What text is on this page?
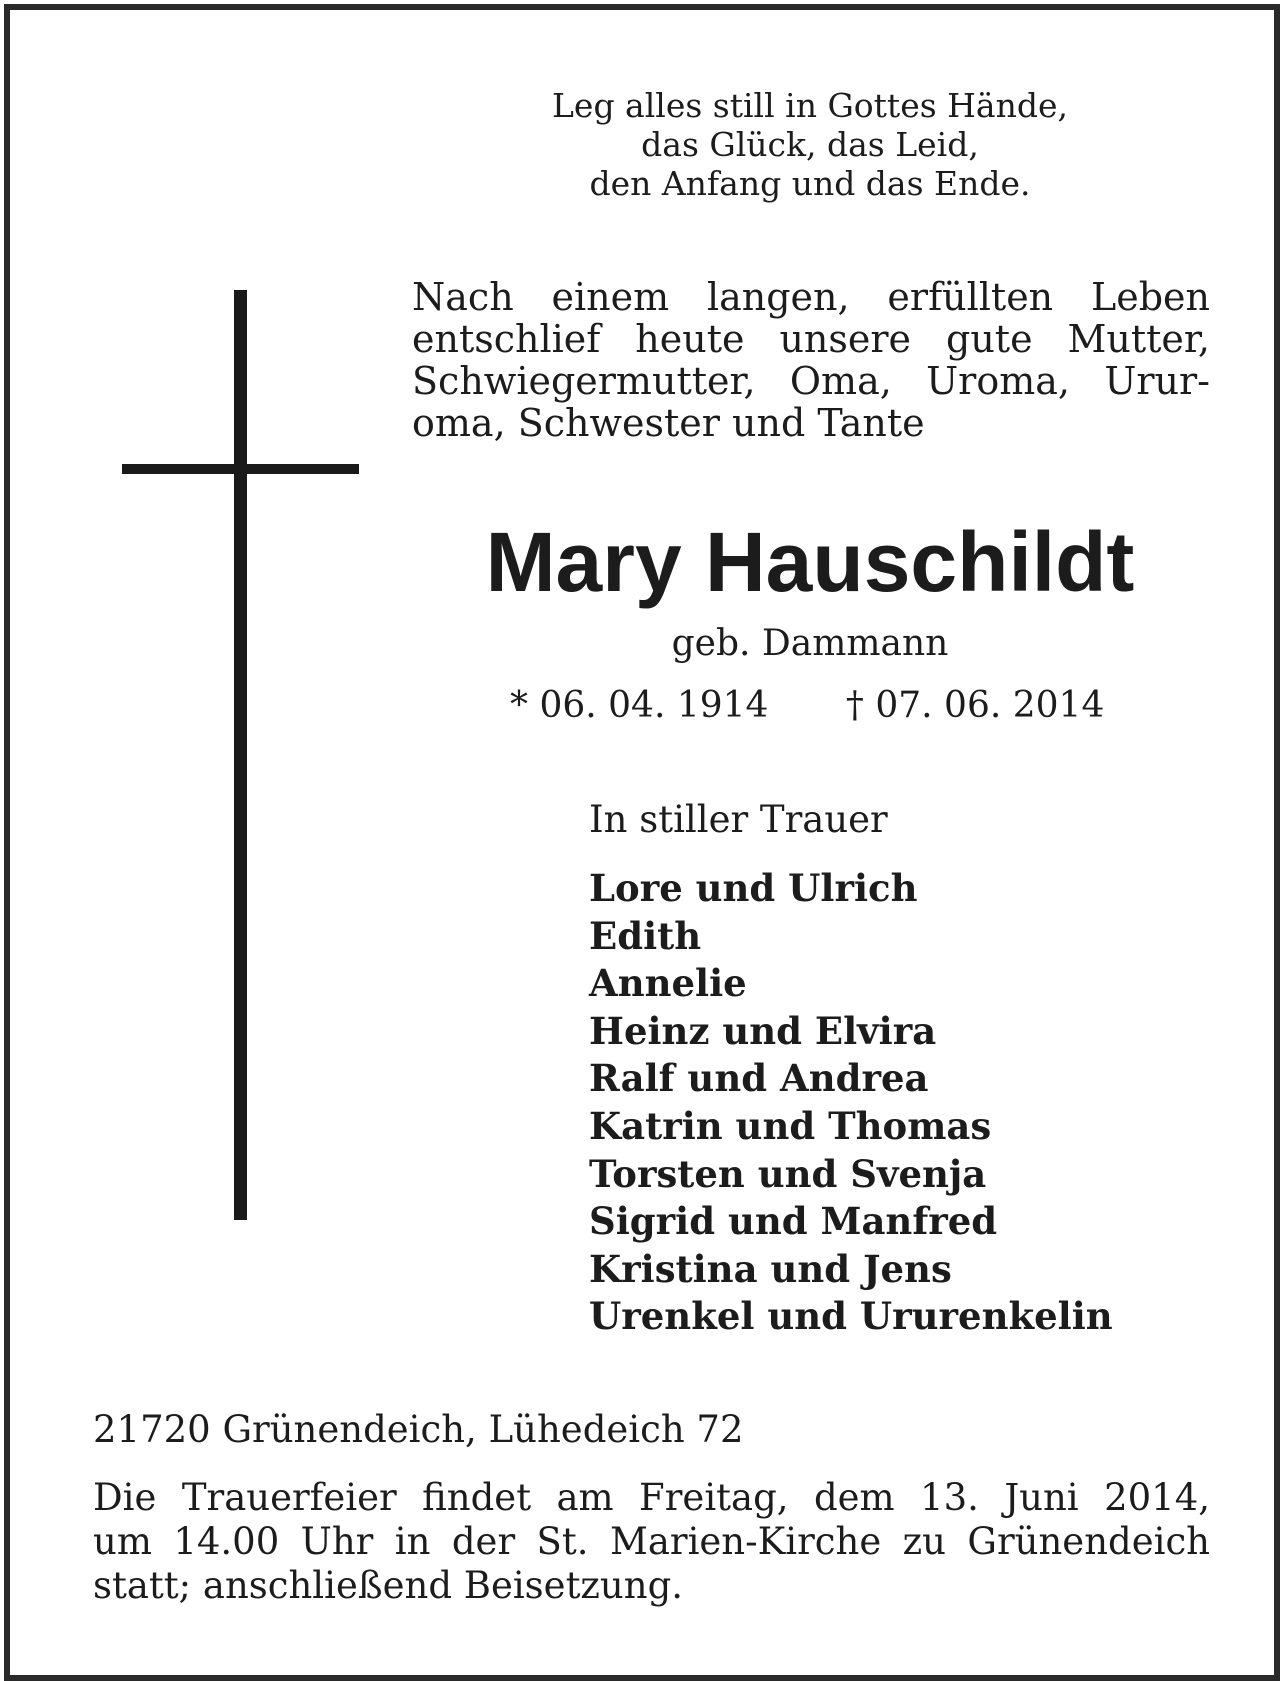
Leg alles still in Gottes Hände,
das Glück, das Leid,
den Anfang und das Ende.
Nach einem langen, erfüllten Leben
entschlief heute unsere gute Mutter,
Schwiegermutter, Oma, Uroma, Urur-
oma, Schwester und Tante
Mary Hauschildt
geb. Dammann
* 06. 04. 1914 † 07. 06. 2014
In stiller Trauer
Lore und Ulrich
Edith
Annelie
Heinz und Elvira
Ralf und Andrea
Katrin und Thomas
Torsten und Svenja
Sigrid und Manfred
Kristina und Jens
Urenkel und Ururenkelin
21720 Grünendeich, Lühedeich 72
Die Trauerfeier findet am Freitag, dem 13. Juni 2014,
um 14.00 Uhr in der St. Marien-Kirche zu Grünendeich
statt; anschließend Beisetzung.
